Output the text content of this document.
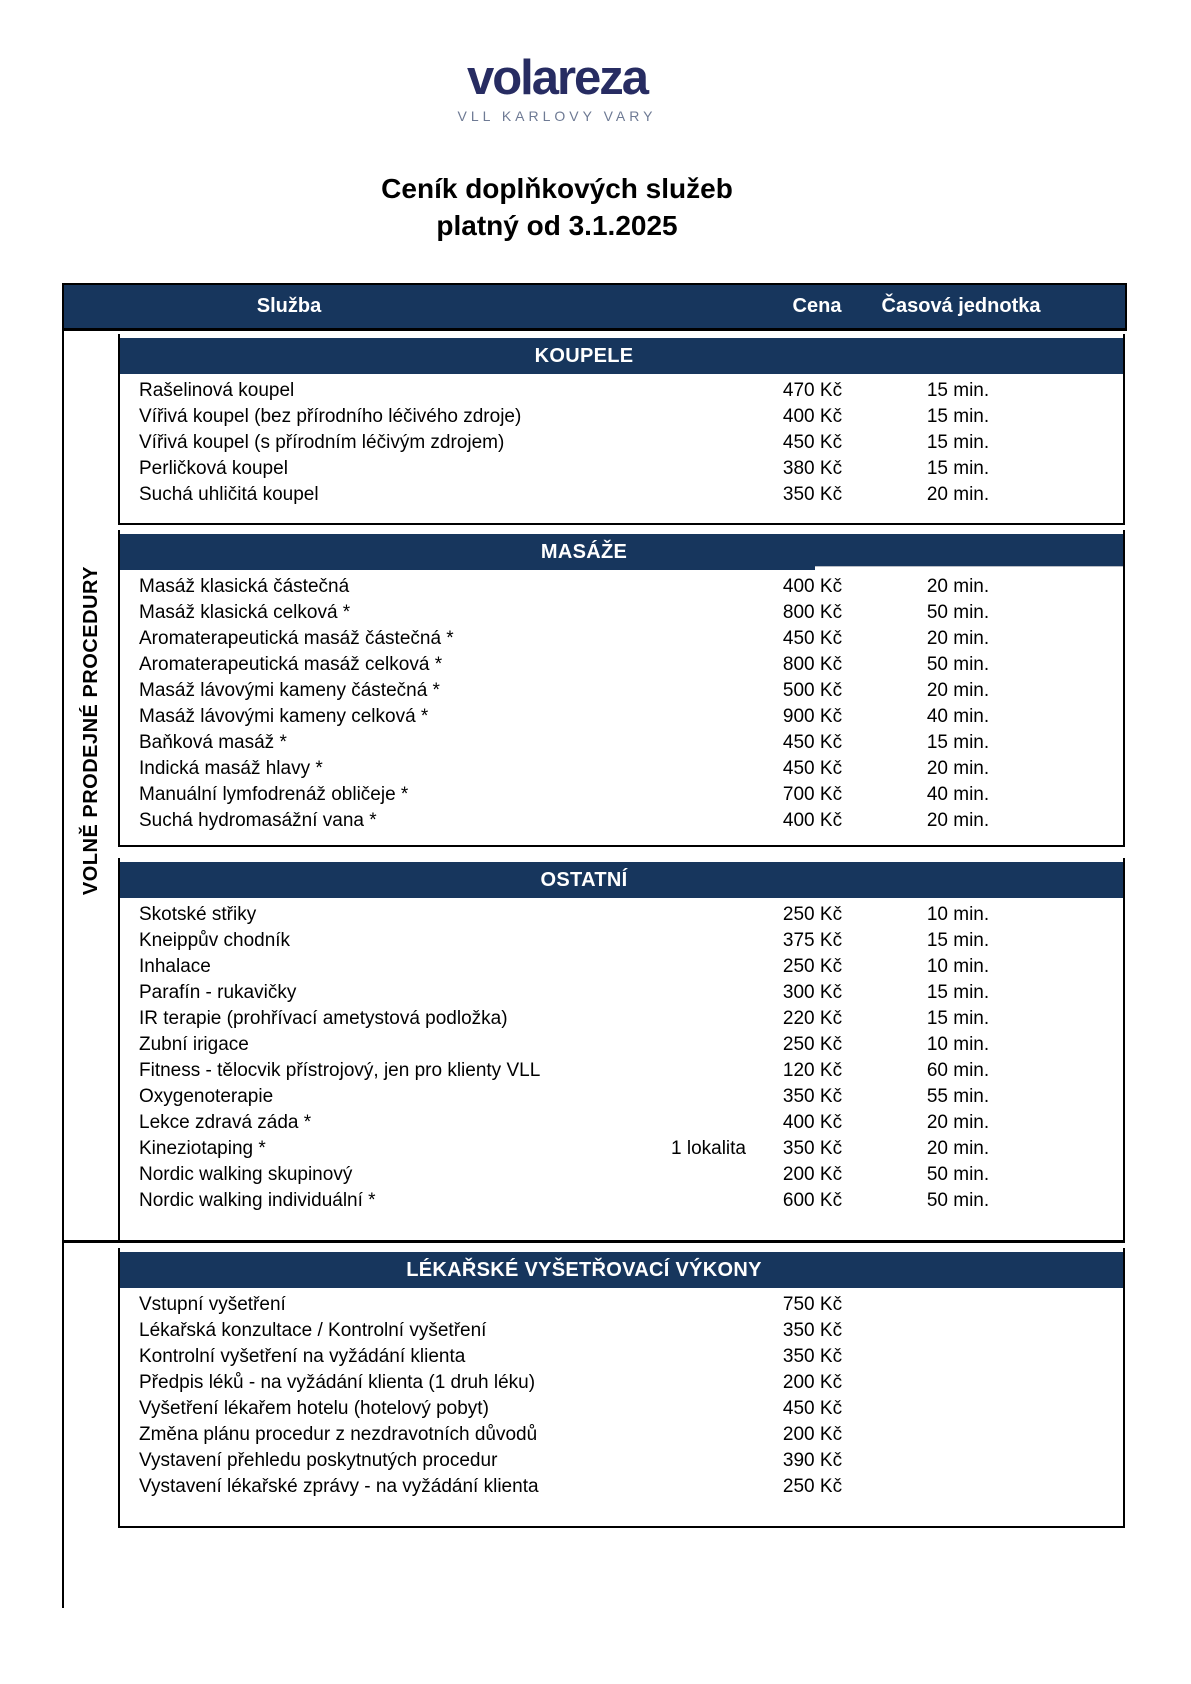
volareza
VLL KARLOVY VARY
Ceník doplňkových služeb
platný od 3.1.2025
Služba	Cena	Časová jednotka
VOLNĚ PRODEJNÉ PROCEDURY
KOUPELE
Rašelinová koupel	470 Kč	15 min.
Vířivá koupel (bez přírodního léčivého zdroje)	400 Kč	15 min.
Vířivá koupel (s přírodním léčivým zdrojem)	450 Kč	15 min.
Perličková koupel	380 Kč	15 min.
Suchá uhličitá koupel	350 Kč	20 min.
MASÁŽE
Masáž klasická částečná	400 Kč	20 min.
Masáž klasická celková *	800 Kč	50 min.
Aromaterapeutická masáž částečná *	450 Kč	20 min.
Aromaterapeutická masáž celková *	800 Kč	50 min.
Masáž lávovými kameny částečná *	500 Kč	20 min.
Masáž lávovými kameny celková *	900 Kč	40 min.
Baňková masáž *	450 Kč	15 min.
Indická masáž hlavy *	450 Kč	20 min.
Manuální lymfodrenáž obličeje *	700 Kč	40 min.
Suchá hydromasážní vana *	400 Kč	20 min.
OSTATNÍ
Skotské střiky	250 Kč	10 min.
Kneippův chodník	375 Kč	15 min.
Inhalace	250 Kč	10 min.
Parafín - rukavičky	300 Kč	15 min.
IR terapie (prohřívací ametystová podložka)	220 Kč	15 min.
Zubní irigace	250 Kč	10 min.
Fitness - tělocvik přístrojový, jen pro klienty VLL	120 Kč	60 min.
Oxygenoterapie	350 Kč	55 min.
Lekce zdravá záda *	400 Kč	20 min.
Kineziotaping *	1 lokalita	350 Kč	20 min.
Nordic walking skupinový	200 Kč	50 min.
Nordic walking individuální *	600 Kč	50 min.
LÉKAŘSKÉ VYŠETŘOVACÍ VÝKONY
Vstupní vyšetření	750 Kč
Lékařská konzultace / Kontrolní vyšetření	350 Kč
Kontrolní vyšetření na vyžádání klienta	350 Kč
Předpis léků - na vyžádání klienta (1 druh léku)	200 Kč
Vyšetření lékařem hotelu (hotelový pobyt)	450 Kč
Změna plánu procedur z nezdravotních důvodů	200 Kč
Vystavení přehledu poskytnutých procedur	390 Kč
Vystavení lékařské zprávy - na vyžádání klienta	250 Kč
